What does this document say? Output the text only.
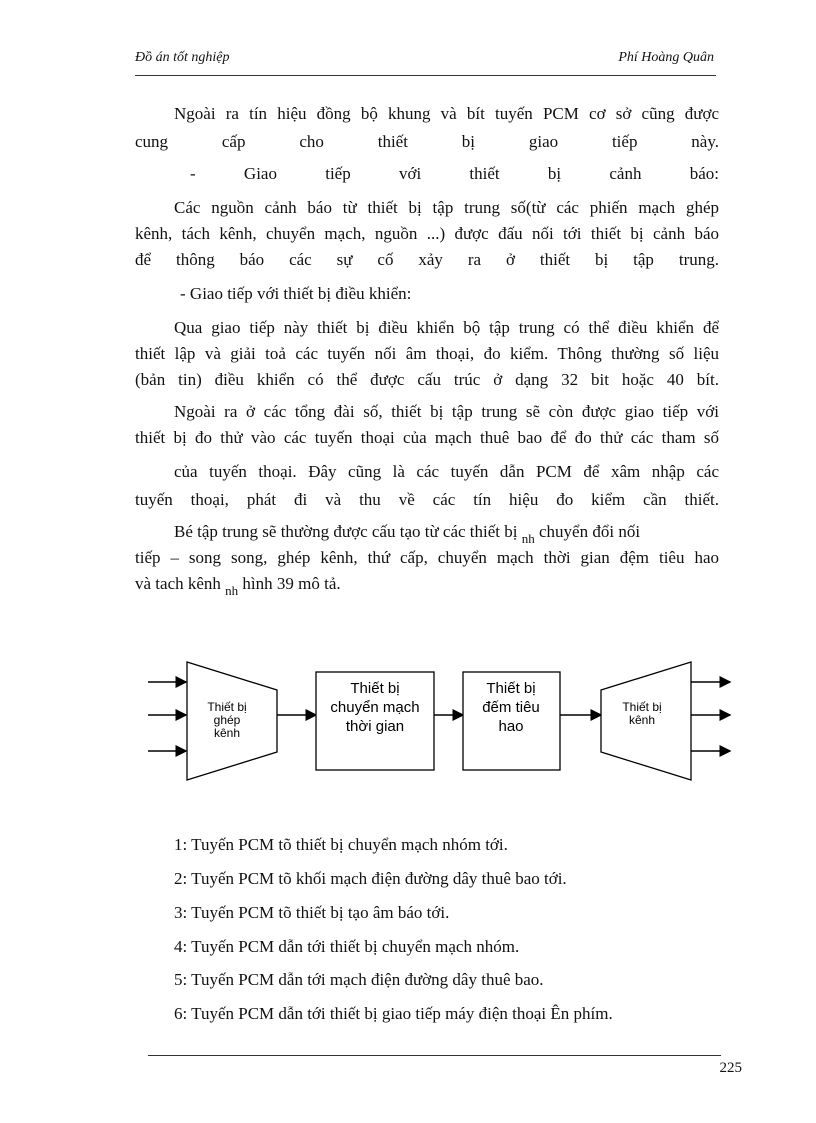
Đồ án tốt nghiệp	Phí Hoàng Quân
Ngoài ra tín hiệu đồng bộ khung và bít tuyến PCM cơ sở cũng được
cung cấp cho thiết bị giao tiếp này.
- Giao tiếp với thiết bị cảnh báo:
Các nguồn cảnh báo từ thiết bị tập trung số(từ các phiến mạch ghép
kênh, tách kênh, chuyển mạch, nguồn ...) được đấu nối tới thiết bị cảnh báo
để thông báo các sự cố xảy ra ở thiết bị tập trung.
- Giao tiếp với thiết bị điều khiển:
Qua giao tiếp này thiết bị điều khiển bộ tập trung có thể điều khiển để
thiết lập và giải toả các tuyến nối âm thoại, đo kiểm. Thông thường số liệu
(bản tin) điều khiển có thể được cấu trúc ở dạng 32 bit hoặc 40 bít.
Ngoài ra ở các tổng đài số, thiết bị tập trung sẽ còn được giao tiếp với
thiết bị đo thử vào các tuyến thoại của mạch thuê bao để đo thử các tham số
của tuyến thoại. Đây cũng là các tuyến dẫn PCM để xâm nhập các
tuyến thoại, phát đi và thu về các tín hiệu đo kiểm cần thiết.
Bé tập trung sẽ thường được cấu tạo từ các thiết bị $_{nh}$ chuyển đổi nối
tiếp – song song, ghép kênh, thứ cấp, chuyển mạch thời gian đệm tiêu hao
và tach kênh $_{nh}$ hình 39 mô tả.
Thiết bị
ghép
kênh
Thiết bị
chuyển mạch
thời gian
Thiết bị
đếm tiêu
hao
Thiết bị
kênh
1: Tuyến PCM tõ thiết bị chuyển mạch nhóm tới.
2: Tuyến PCM tõ khối mạch điện đường dây thuê bao tới.
3: Tuyến PCM tõ thiết bị tạo âm báo tới.
4: Tuyến PCM dẫn tới thiết bị chuyển mạch nhóm.
5: Tuyến PCM dẫn tới mạch điện đường dây thuê bao.
6: Tuyến PCM dẫn tới thiết bị giao tiếp máy điện thoại Ên phím.
225
